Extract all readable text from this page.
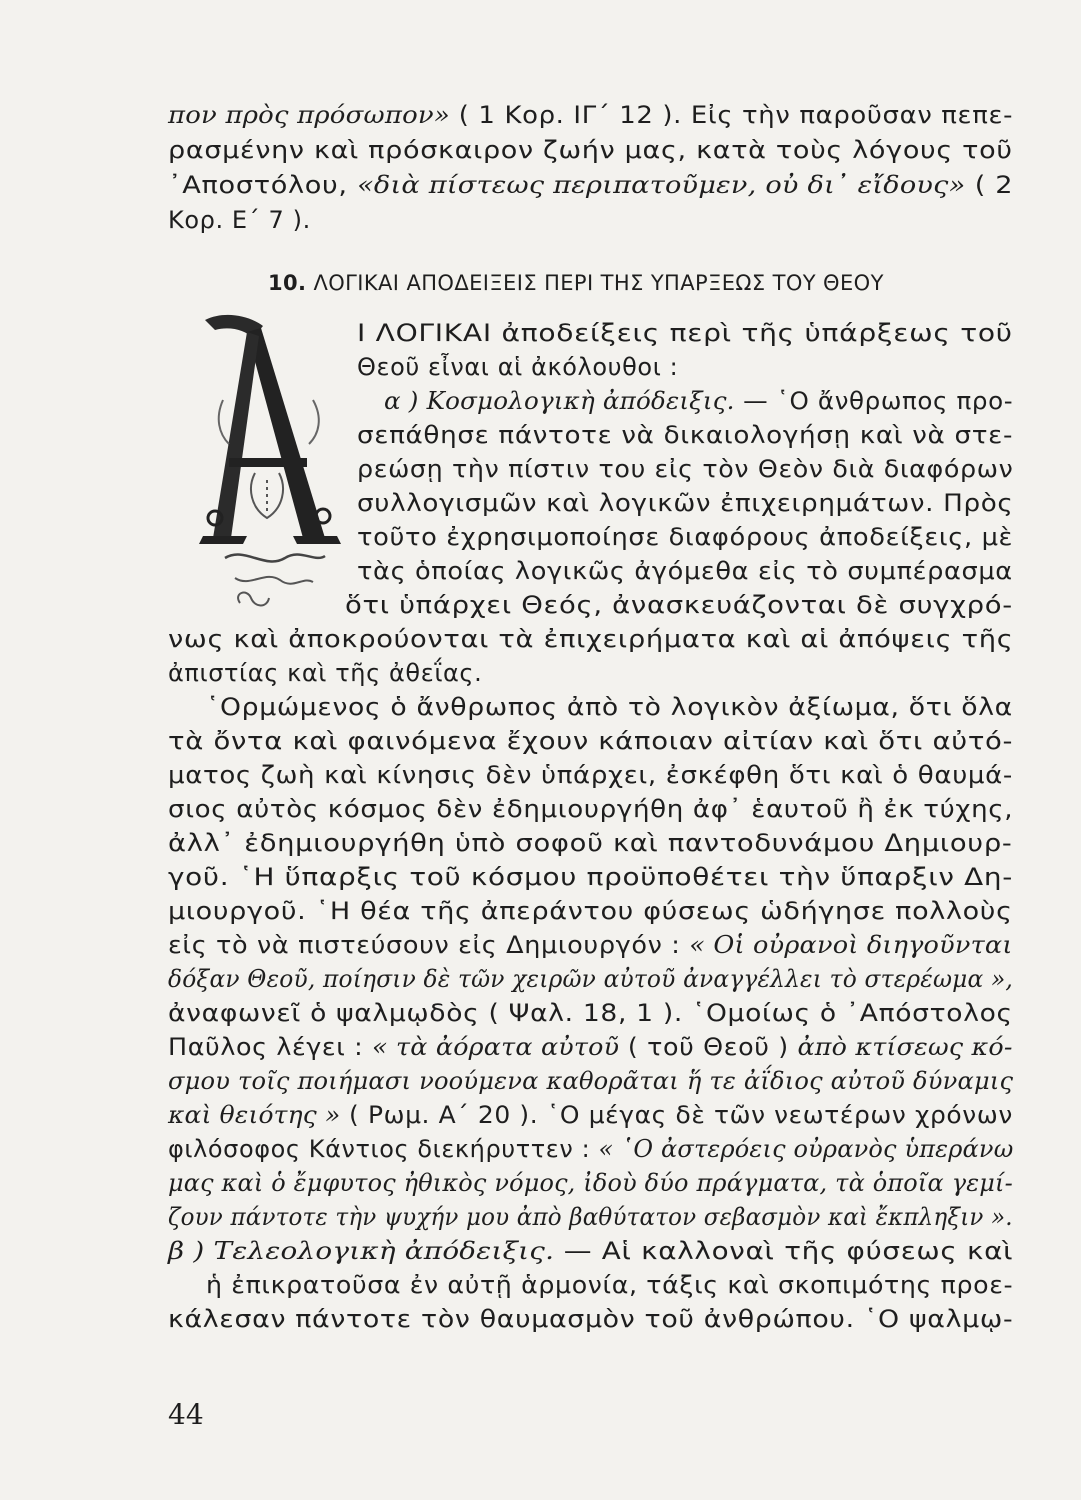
πον πρὸς πρόσωπον» ( 1 Κορ. ΙΓ΄ 12 ). Εἰς τὴν παροῦσαν πεπε-
ρασμένην καὶ πρόσκαιρον ζωήν μας, κατὰ τοὺς λόγους τοῦ
᾿Αποστόλου, «διὰ πίστεως περιπατοῦμεν, οὐ δι᾿ εἴδους» ( 2
Κορ. Ε΄ 7 ).
10. ΛΟΓΙΚΑΙ ΑΠΟΔΕΙΞΕΙΣ ΠΕΡΙ ΤΗΣ ΥΠΑΡΞΕΩΣ ΤΟΥ ΘΕΟΥ
Ι ΛΟΓΙΚΑΙ ἀποδείξεις περὶ τῆς ὑπάρξεως τοῦ
Θεοῦ εἶναι αἱ ἀκόλουθοι :
α ) Κοσμολογικὴ ἀπόδειξις. — ῾Ο ἄνθρωπος προ-
σεπάθησε πάντοτε νὰ δικαιολογήσῃ καὶ νὰ στε-
ρεώσῃ τὴν πίστιν του εἰς τὸν Θεὸν διὰ διαφόρων
συλλογισμῶν καὶ λογικῶν ἐπιχειρημάτων. Πρὸς
τοῦτο ἐχρησιμοποίησε διαφόρους ἀποδείξεις, μὲ
τὰς ὁποίας λογικῶς ἀγόμεθα εἰς τὸ συμπέρασμα
ὅτι ὑπάρχει Θεός, ἀνασκευάζονται δὲ συγχρό-
νως καὶ ἀποκρούονται τὰ ἐπιχειρήματα καὶ αἱ ἀπόψεις τῆς
ἀπιστίας καὶ τῆς ἀθεΐας.
῾Ορμώμενος ὁ ἄνθρωπος ἀπὸ τὸ λογικὸν ἀξίωμα, ὅτι ὅλα
τὰ ὄντα καὶ φαινόμενα ἔχουν κάποιαν αἰτίαν καὶ ὅτι αὐτό-
ματος ζωὴ καὶ κίνησις δὲν ὑπάρχει, ἐσκέφθη ὅτι καὶ ὁ θαυμά-
σιος αὐτὸς κόσμος δὲν ἐδημιουργήθη ἀφ᾿ ἑαυτοῦ ἢ ἐκ τύχης,
ἀλλ᾿ ἐδημιουργήθη ὑπὸ σοφοῦ καὶ παντοδυνάμου Δημιουρ-
γοῦ. ῾Η ὕπαρξις τοῦ κόσμου προϋποθέτει τὴν ὕπαρξιν Δη-
μιουργοῦ. ῾Η θέα τῆς ἀπεράντου φύσεως ὡδήγησε πολλοὺς
εἰς τὸ νὰ πιστεύσουν εἰς Δημιουργόν : « Οἱ οὐρανοὶ διηγοῦνται
δόξαν Θεοῦ, ποίησιν δὲ τῶν χειρῶν αὐτοῦ ἀναγγέλλει τὸ στερέωμα »,
ἀναφωνεῖ ὁ ψαλμῳδὸς ( Ψαλ. 18, 1 ). ῾Ομοίως ὁ ᾿Απόστολος
Παῦλος λέγει : « τὰ ἀόρατα αὐτοῦ ( τοῦ Θεοῦ ) ἀπὸ κτίσεως κό-
σμου τοῖς ποιήμασι νοούμενα καθορᾶται ἥ τε ἀΐδιος αὐτοῦ δύναμις
καὶ θειότης » ( Ρωμ. Α΄ 20 ). ῾Ο μέγας δὲ τῶν νεωτέρων χρόνων
φιλόσοφος Κάντιος διεκήρυττεν : « ῾Ο ἀστερόεις οὐρανὸς ὑπεράνω
μας καὶ ὁ ἔμφυτος ἠθικὸς νόμος, ἰδοὺ δύο πράγματα, τὰ ὁποῖα γεμί-
ζουν πάντοτε τὴν ψυχήν μου ἀπὸ βαθύτατον σεβασμὸν καὶ ἔκπληξιν ».
β ) Τελεολογικὴ ἀπόδειξις. — Αἱ καλλοναὶ τῆς φύσεως καὶ
ἡ ἐπικρατοῦσα ἐν αὐτῇ ἁρμονία, τάξις καὶ σκοπιμότης προε-
κάλεσαν πάντοτε τὸν θαυμασμὸν τοῦ ἀνθρώπου. ῾Ο ψαλμῳ-
44
